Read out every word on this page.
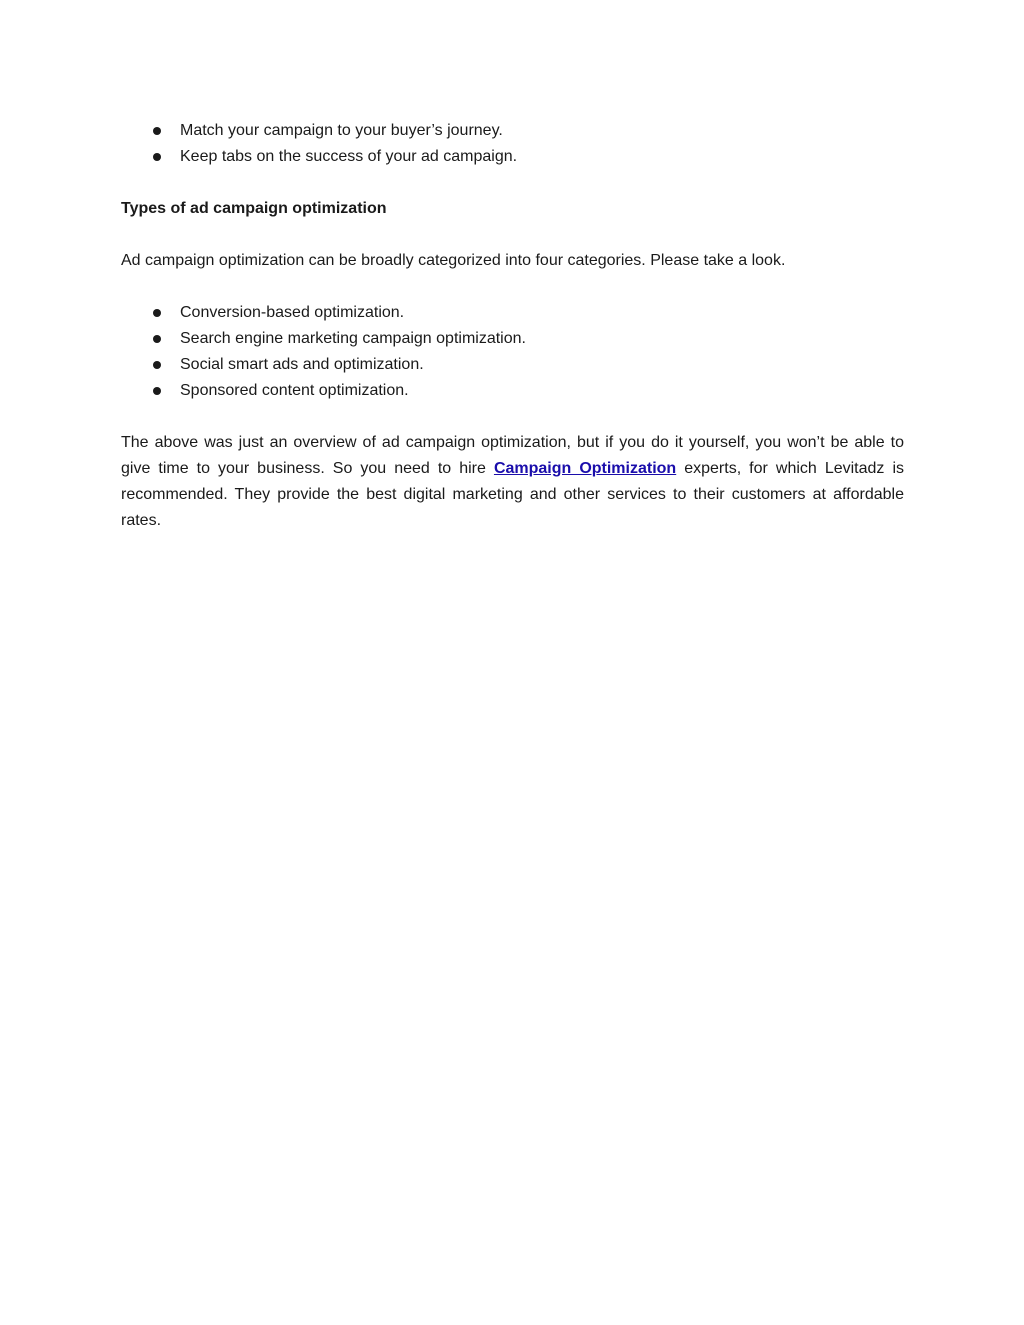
Match your campaign to your buyer’s journey.
Keep tabs on the success of your ad campaign.
Types of ad campaign optimization

Ad campaign optimization can be broadly categorized into four categories. Please take a look.

Conversion-based optimization.
Search engine marketing campaign optimization.
Social smart ads and optimization.
Sponsored content optimization.

The above was just an overview of ad campaign optimization, but if you do it yourself, you won’t be able to give time to your business. So you need to hire Campaign Optimization experts, for which Levitadz is recommended. They provide the best digital marketing and other services to their customers at affordable rates.
